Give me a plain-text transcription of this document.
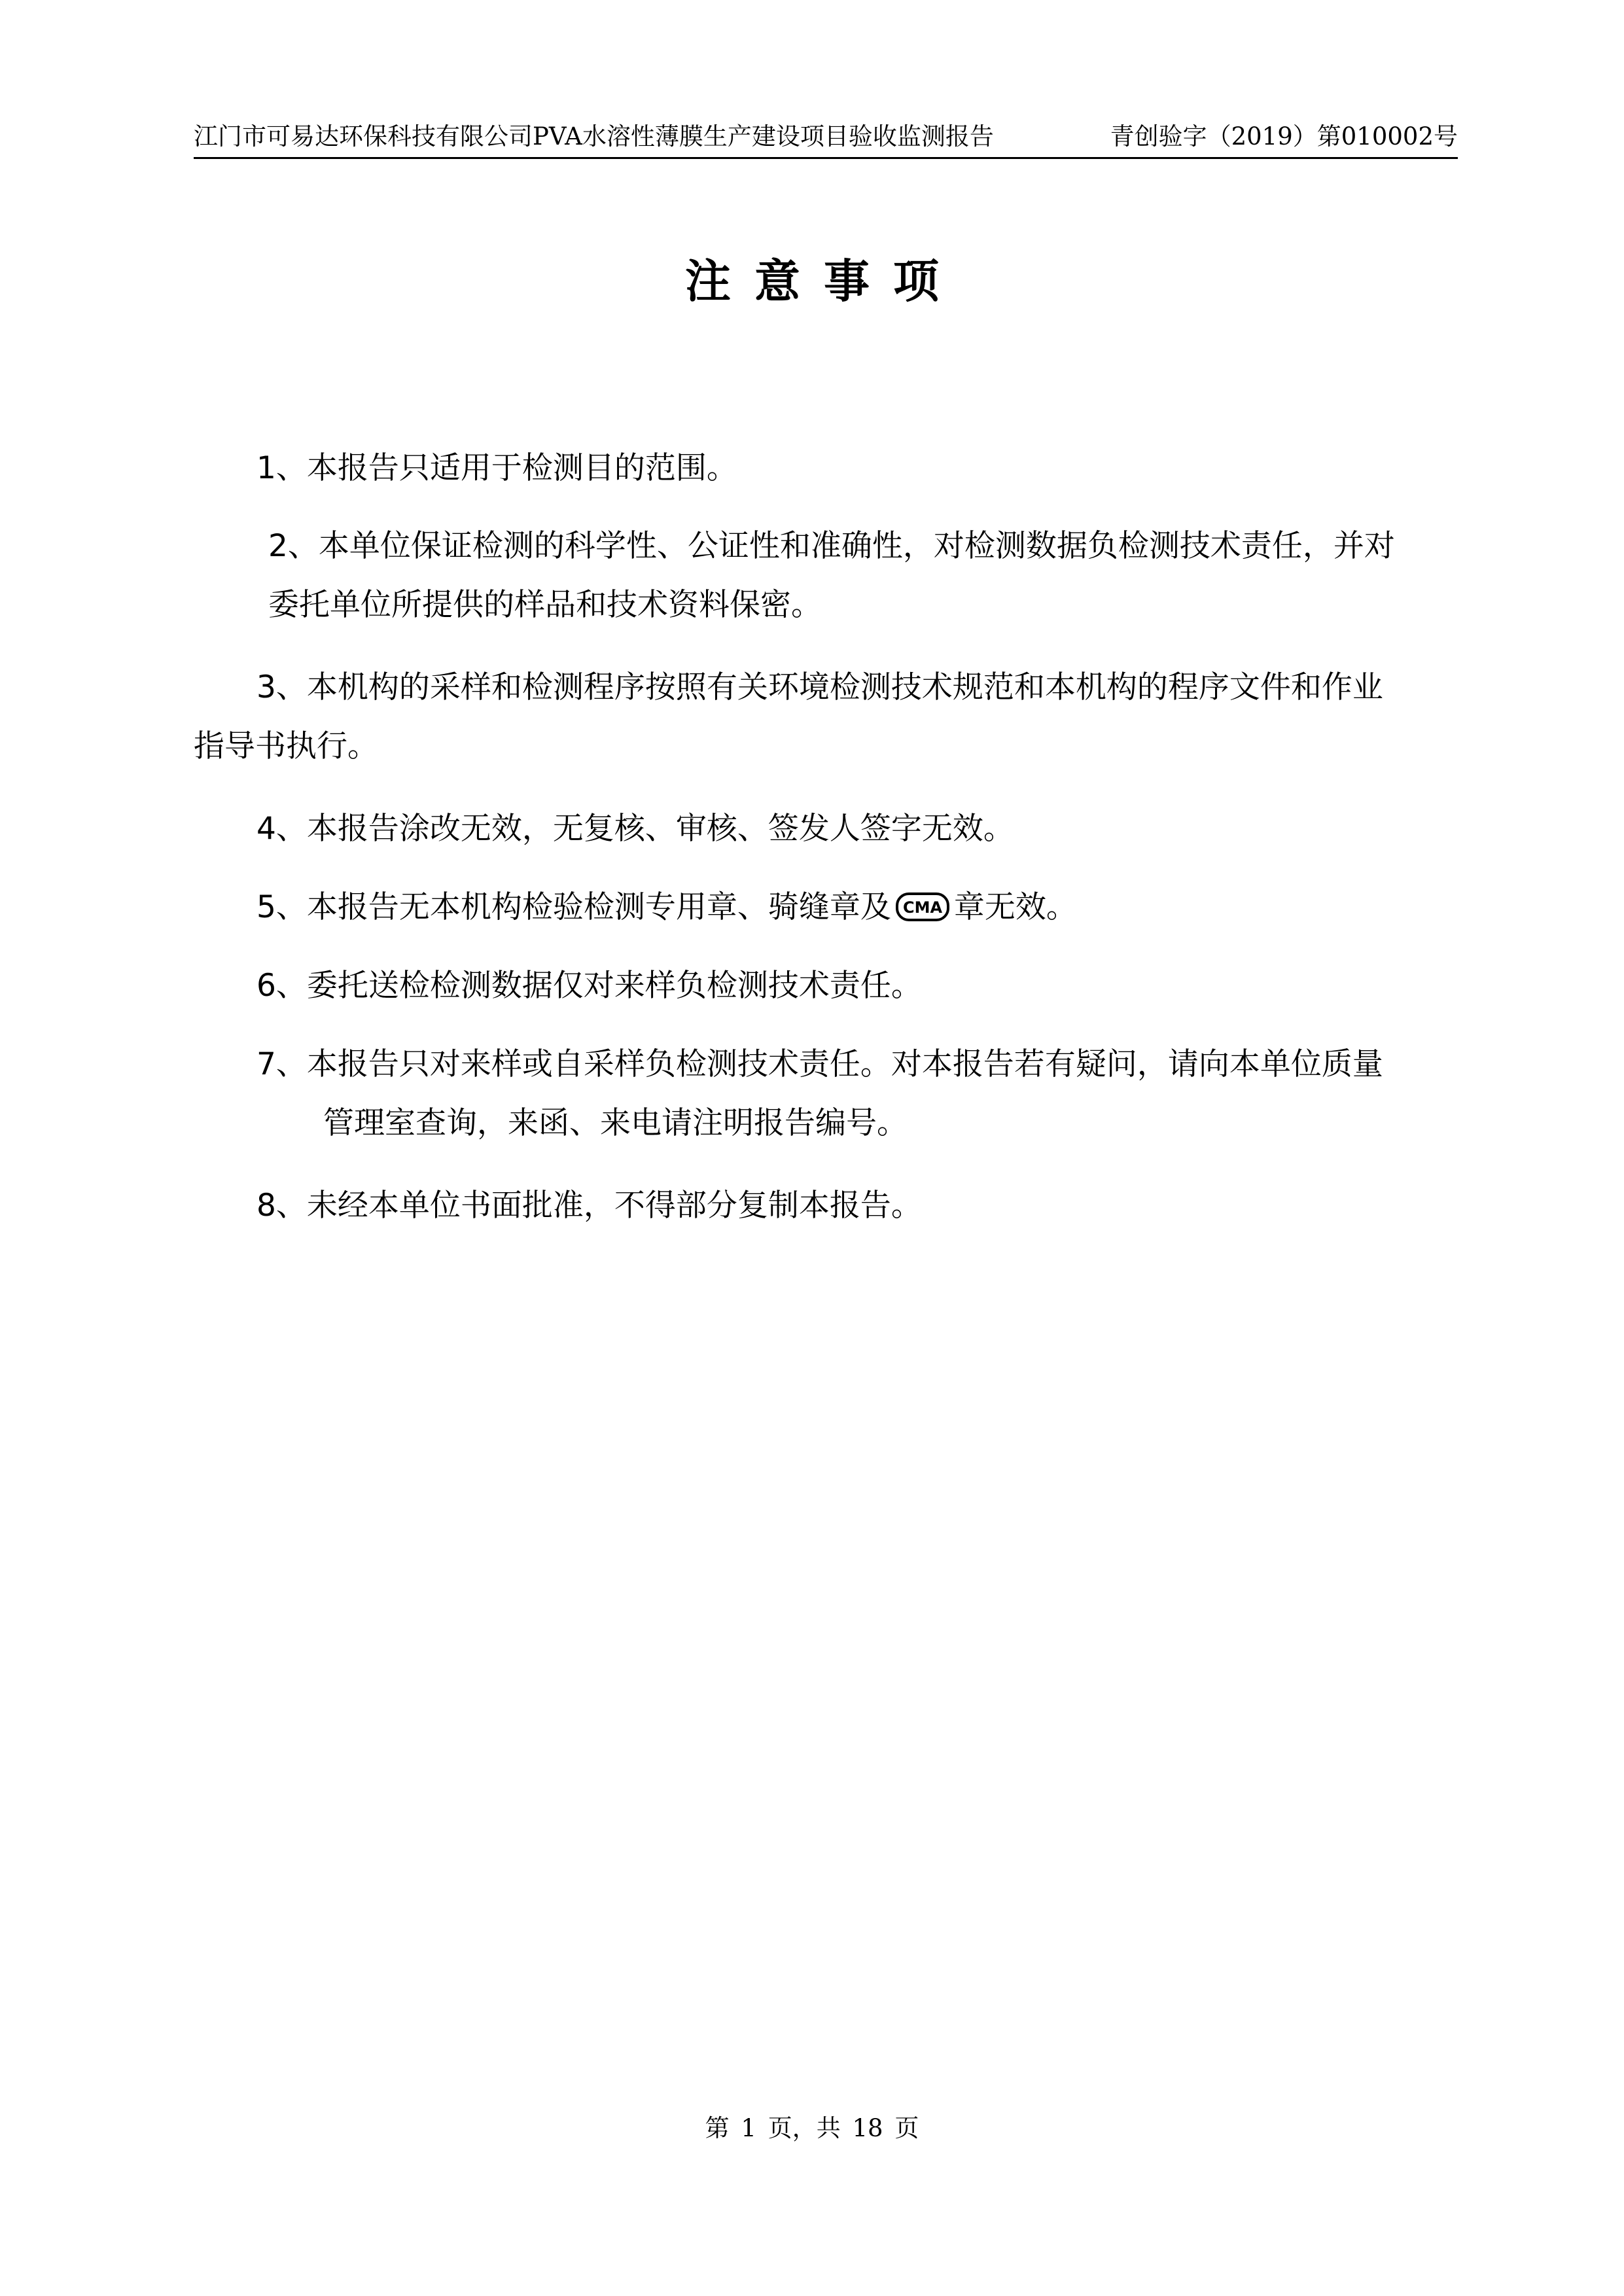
江门市可易达环保科技有限公司PVA水溶性薄膜生产建设项目验收监测报告	青创验字（2019）第010002号
注意事项
1、本报告只适用于检测目的范围。
2、本单位保证检测的科学性、公证性和准确性，对检测数据负检测技术责任，并对
委托单位所提供的样品和技术资料保密。
3、本机构的采样和检测程序按照有关环境检测技术规范和本机构的程序文件和作业
指导书执行。
4、本报告涂改无效，无复核、审核、签发人签字无效。
5、本报告无本机构检验检测专用章、骑缝章及 CMA 章无效。
6、委托送检检测数据仅对来样负检测技术责任。
7、本报告只对来样或自采样负检测技术责任。对本报告若有疑问，请向本单位质量
管理室查询，来函、来电请注明报告编号。
8、未经本单位书面批准，不得部分复制本报告。
第 1 页，共 18 页
